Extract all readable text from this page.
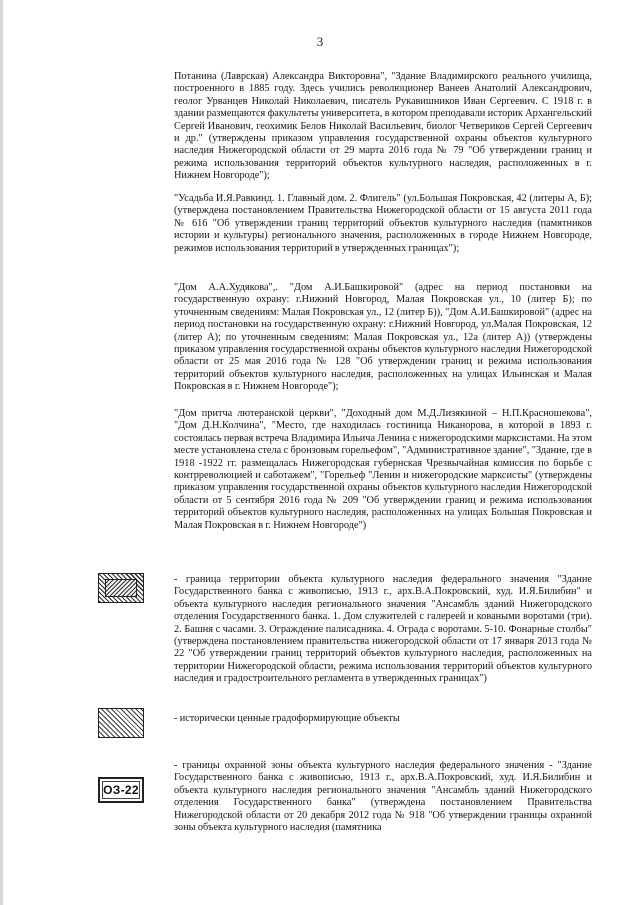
3

Потанина (Лаврская) Александра Викторовна", "Здание Владимирского реального училища, построенного в 1885 году. Здесь учились революционер Ванеев Анатолий Александрович, геолог Урванцев Николай Николаевич, писатель Рукавишников Иван Сергеевич. С 1918 г. в здании размещаются факультеты университета, в котором преподавали историк Архангельский Сергей Иванович, геохимик Белов Николай Васильевич, биолог Четвериков Сергей Сергеевич и др." (утверждены приказом управления государственной охраны объектов культурного наследия Нижегородской области от 29 марта 2016 года № 79 "Об утверждении границ и режима использования территорий объектов культурного наследия, расположенных в г. Нижнем Новгороде");

"Усадьба И.Я.Равкинд. 1. Главный дом. 2. Флигель" (ул.Большая Покровская, 42 (литеры А, Б); (утверждена постановлением Правительства Нижегородской области от 15 августа 2011 года № 616 "Об утверждении границ территорий объектов культурного наследия (памятников истории и культуры) регионального значения, расположенных в городе Нижнем Новгороде, режимов использования территорий в утвержденных границах");

"Дом А.А.Худякова",. "Дом А.И.Башкировой" (адрес на период постановки на государственную охрану: г.Нижний Новгород, Малая Покровская ул., 10 (литер Б); по уточненным сведениям: Малая Покровская ул., 12 (литер Б)), "Дом А.И.Башкировой" (адрес на период постановки на государственную охрану: г.Нижний Новгород, ул.Малая Покровская, 12 (литер А); по уточненным сведениям: Малая Покровская ул., 12а (литер А)) (утверждены приказом управления государственной охраны объектов культурного наследия Нижегородской области от 25 мая 2016 года № 128 "Об утверждении границ и режима использования территорий объектов культурного наследия, расположенных на улицах Ильинская и Малая Покровская в г. Нижнем Новгороде");

"Дом притча лютеранской церкви", "Доходный дом М.Д.Лизякиной – Н.П.Красношекова", "Дом Д.Н.Колчина", "Место, где находилась гостиница Никанорова, в которой в 1893 г. состоялась первая встреча Владимира Ильича Ленина с нижегородскими марксистами. На этом месте установлена стела с бронзовым горельефом", "Административное здание", "Здание, где в 1918 -1922 гг. размещалась Нижегородская губернская Чрезвычайная комиссия по борьбе с контрреволюцией и саботажем", "Горельеф "Ленин и нижегородские марксисты" (утверждены приказом управления государственной охраны объектов культурного наследия Нижегородской области от 5 сентября 2016 года № 209 "Об утверждении границ и режима использования территорий объектов культурного наследия, расположенных на улицах Большая Покровская и Малая Покровская в г. Нижнем Новгороде")

- граница территории объекта культурного наследия федерального значения "Здание Государственного банка с живописью, 1913 г., арх.В.А.Покровский, худ. И.Я.Билибин" и объекта культурного наследия регионального значения "Ансамбль зданий Нижегородского отделения Государственного банка. 1. Дом служителей с галереей и коваными воротами (три). 2. Башня с часами. 3. Ограждение палисадника. 4. Ограда с воротами. 5-10. Фонарные столбы" (утверждена постановлением правительства нижегородской области от 17 января 2013 года № 22 "Об утверждении границ территорий объектов культурного наследия, расположенных на территории Нижегородской области, режима использования территорий объектов культурного наследия и градостроительного регламента в утвержденных границах")

- исторически ценные градоформирующие объекты

ОЗ-22

- границы охранной зоны объекта культурного наследия федерального значения - "Здание Государственного банка с живописью, 1913 г., арх.В.А.Покровский, худ. И.Я.Билибин и объекта культурного наследия регионального значения "Ансамбль зданий Нижегородского отделения Государственного банка" (утверждена постановлением Правительства Нижегородской области от 20 декабря 2012 года № 918 "Об утверждении границы охранной зоны объекта культурного наследия (памятника
